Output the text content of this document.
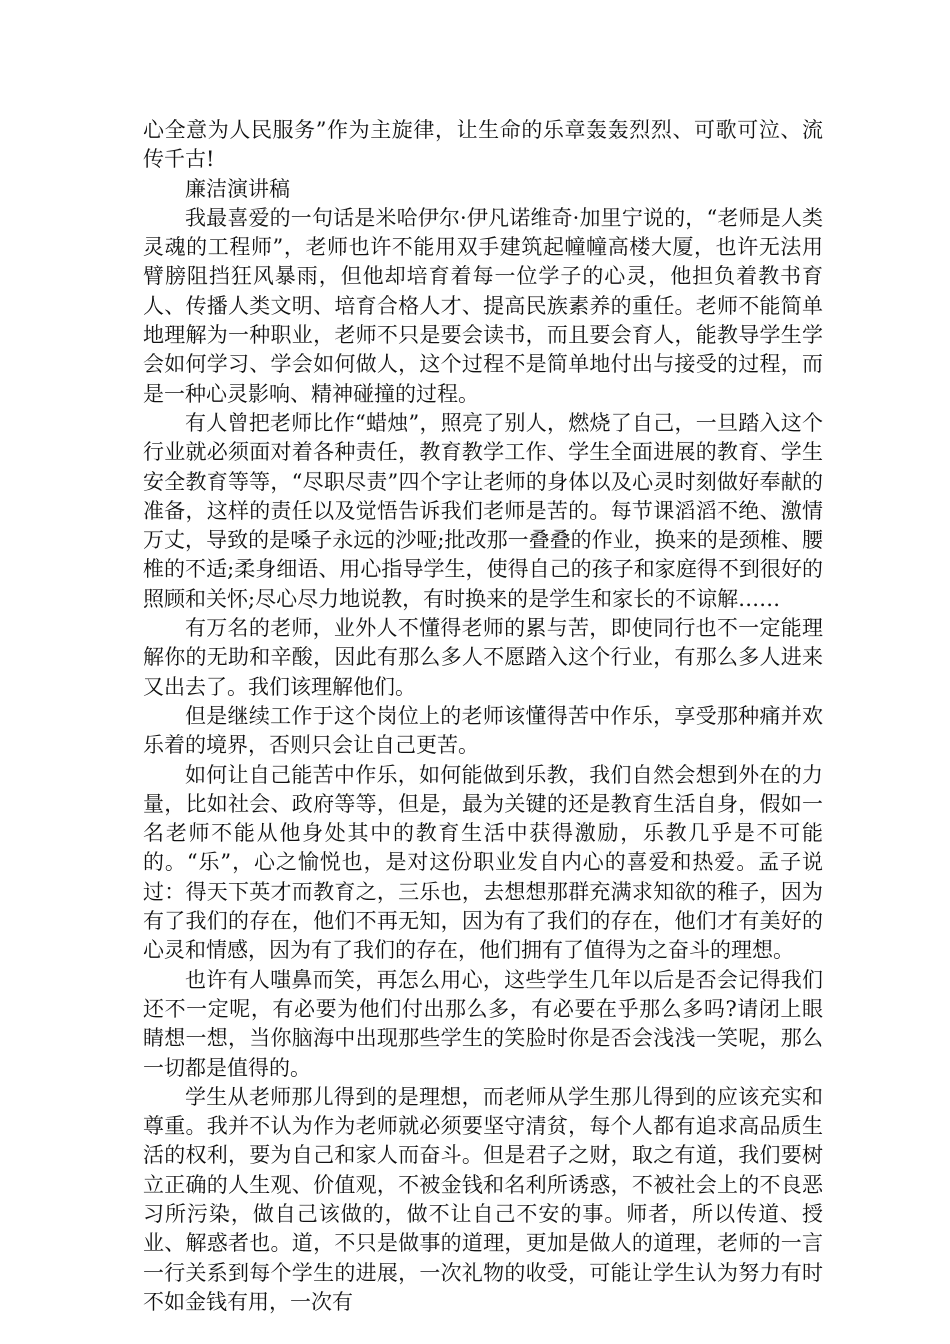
心全意为人民服务”作为主旋律，让生命的乐章轰轰烈烈、可歌可泣、流传千古!

廉洁演讲稿

我最喜爱的一句话是米哈伊尔·伊凡诺维奇·加里宁说的，“老师是人类灵魂的工程师”，老师也许不能用双手建筑起幢幢高楼大厦，也许无法用臂膀阻挡狂风暴雨，但他却培育着每一位学子的心灵，他担负着教书育人、传播人类文明、培育合格人才、提高民族素养的重任。老师不能简单地理解为一种职业，老师不只是要会读书，而且要会育人，能教导学生学会如何学习、学会如何做人，这个过程不是简单地付出与接受的过程，而是一种心灵影响、精神碰撞的过程。

有人曾把老师比作“蜡烛”，照亮了别人，燃烧了自己，一旦踏入这个行业就必须面对着各种责任，教育教学工作、学生全面进展的教育、学生安全教育等等，“尽职尽责”四个字让老师的身体以及心灵时刻做好奉献的准备，这样的责任以及觉悟告诉我们老师是苦的。每节课滔滔不绝、激情万丈，导致的是嗓子永远的沙哑;批改那一叠叠的作业，换来的是颈椎、腰椎的不适;柔身细语、用心指导学生，使得自己的孩子和家庭得不到很好的照顾和关怀;尽心尽力地说教，有时换来的是学生和家长的不谅解……

有万名的老师，业外人不懂得老师的累与苦，即使同行也不一定能理解你的无助和辛酸，因此有那么多人不愿踏入这个行业，有那么多人进来又出去了。我们该理解他们。

但是继续工作于这个岗位上的老师该懂得苦中作乐，享受那种痛并欢乐着的境界，否则只会让自己更苦。

如何让自己能苦中作乐，如何能做到乐教，我们自然会想到外在的力量，比如社会、政府等等，但是，最为关键的还是教育生活自身，假如一名老师不能从他身处其中的教育生活中获得激励，乐教几乎是不可能的。“乐”，心之愉悦也，是对这份职业发自内心的喜爱和热爱。孟子说过：得天下英才而教育之，三乐也，去想想那群充满求知欲的稚子，因为有了我们的存在，他们不再无知，因为有了我们的存在，他们才有美好的心灵和情感，因为有了我们的存在，他们拥有了值得为之奋斗的理想。

也许有人嗤鼻而笑，再怎么用心，这些学生几年以后是否会记得我们还不一定呢，有必要为他们付出那么多，有必要在乎那么多吗?请闭上眼睛想一想，当你脑海中出现那些学生的笑脸时你是否会浅浅一笑呢，那么一切都是值得的。

学生从老师那儿得到的是理想，而老师从学生那儿得到的应该充实和尊重。我并不认为作为老师就必须要坚守清贫，每个人都有追求高品质生活的权利，要为自己和家人而奋斗。但是君子之财，取之有道，我们要树立正确的人生观、价值观，不被金钱和名利所诱惑，不被社会上的不良恶习所污染，做自己该做的，做不让自己不安的事。师者，所以传道、授业、解惑者也。道，不只是做事的道理，更加是做人的道理，老师的一言一行关系到每个学生的进展，一次礼物的收受，可能让学生认为努力有时不如金钱有用，一次有
